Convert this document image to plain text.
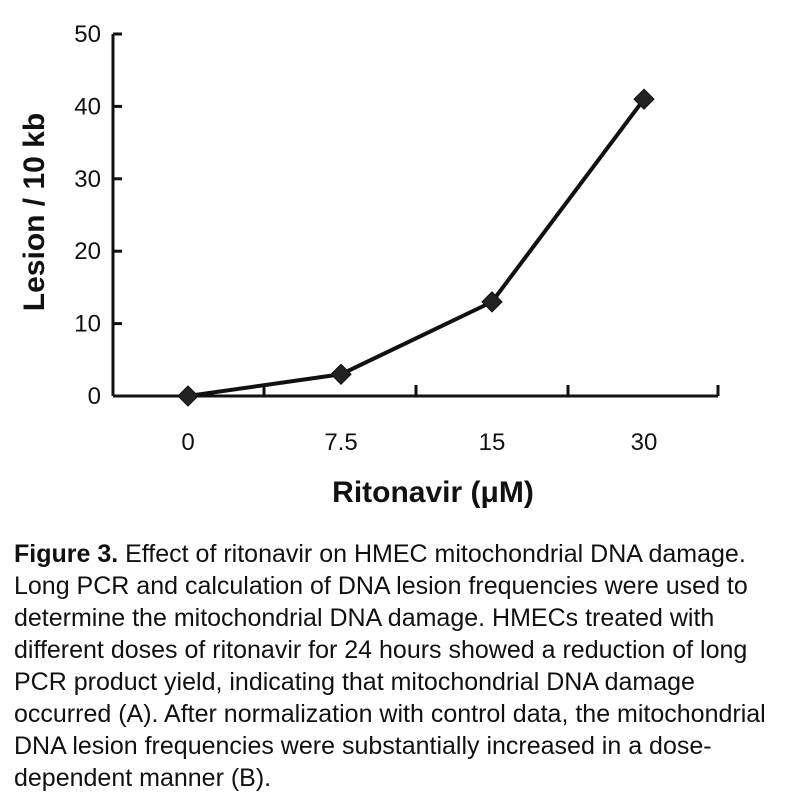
0
10
20
30
40
50
0	7.5	15	30
Lesion / 10 kb
Ritonavir (μM)
Figure 3. Effect of ritonavir on HMEC mitochondrial DNA damage. Long PCR and calculation of DNA lesion frequencies were used to determine the mitochondrial DNA damage. HMECs treated with different doses of ritonavir for 24 hours showed a reduction of long PCR product yield, indicating that mitochondrial DNA damage occurred (A). After normalization with control data, the mitochondrial DNA lesion frequencies were substantially increased in a dose-dependent manner (B).
